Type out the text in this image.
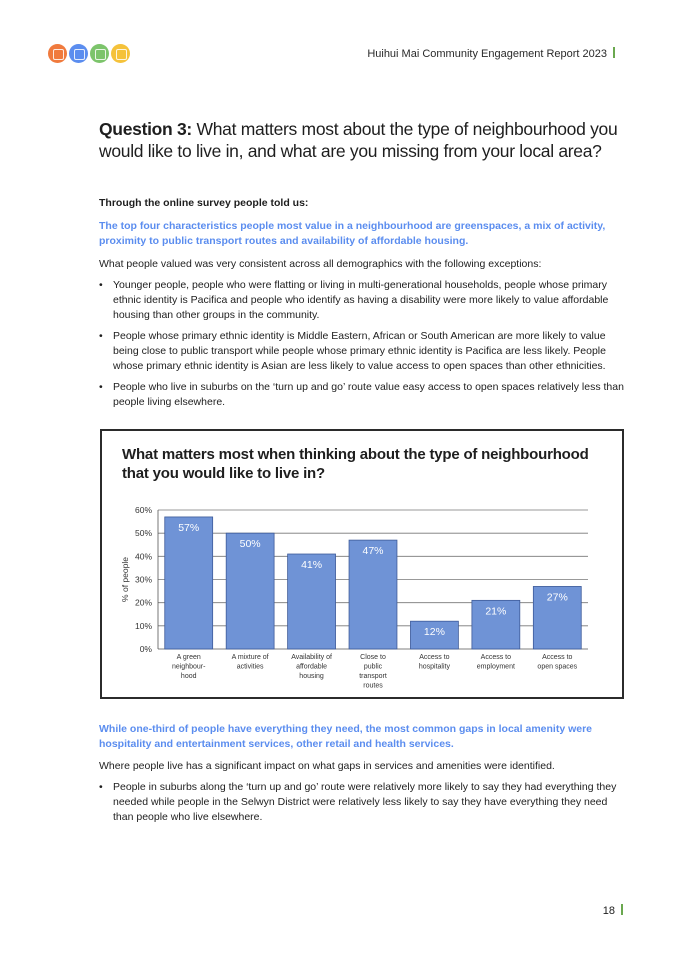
Huihui Mai Community Engagement Report 2023
Question 3: What matters most about the type of neighbourhood you would like to live in, and what are you missing from your local area?
Through the online survey people told us:
The top four characteristics people most value in a neighbourhood are greenspaces, a mix of activity, proximity to public transport routes and availability of affordable housing.
What people valued was very consistent across all demographics with the following exceptions:
• Younger people, people who were flatting or living in multi-generational households, people whose primary ethnic identity is Pacifica and people who identify as having a disability were more likely to value affordable housing than other groups in the community.
• People whose primary ethnic identity is Middle Eastern, African or South American are more likely to value being close to public transport while people whose primary ethnic identity is Pacifica are less likely. People whose primary ethnic identity is Asian are less likely to value access to open spaces than other ethnicities.
• People who live in suburbs on the ‘turn up and go’ route value easy access to open spaces relatively less than people living elsewhere.
What matters most when thinking about the type of neighbourhood that you would like to live in?
0%
10%
20%
30%
40%
50%
60%
% of people
57%
A green neighbour-hood
50%
A mixture of activities
41%
Availability of affordable housing
47%
Close to public transport routes
12%
Access to hospitality
21%
Access to employment
27%
Access to open spaces
While one-third of people have everything they need, the most common gaps in local amenity were hospitality and entertainment services, other retail and health services.
Where people live has a significant impact on what gaps in services and amenities were identified.
• People in suburbs along the ‘turn up and go’ route were relatively more likely to say they had everything they needed while people in the Selwyn District were relatively less likely to say they have everything they need than people who live elsewhere.
18
